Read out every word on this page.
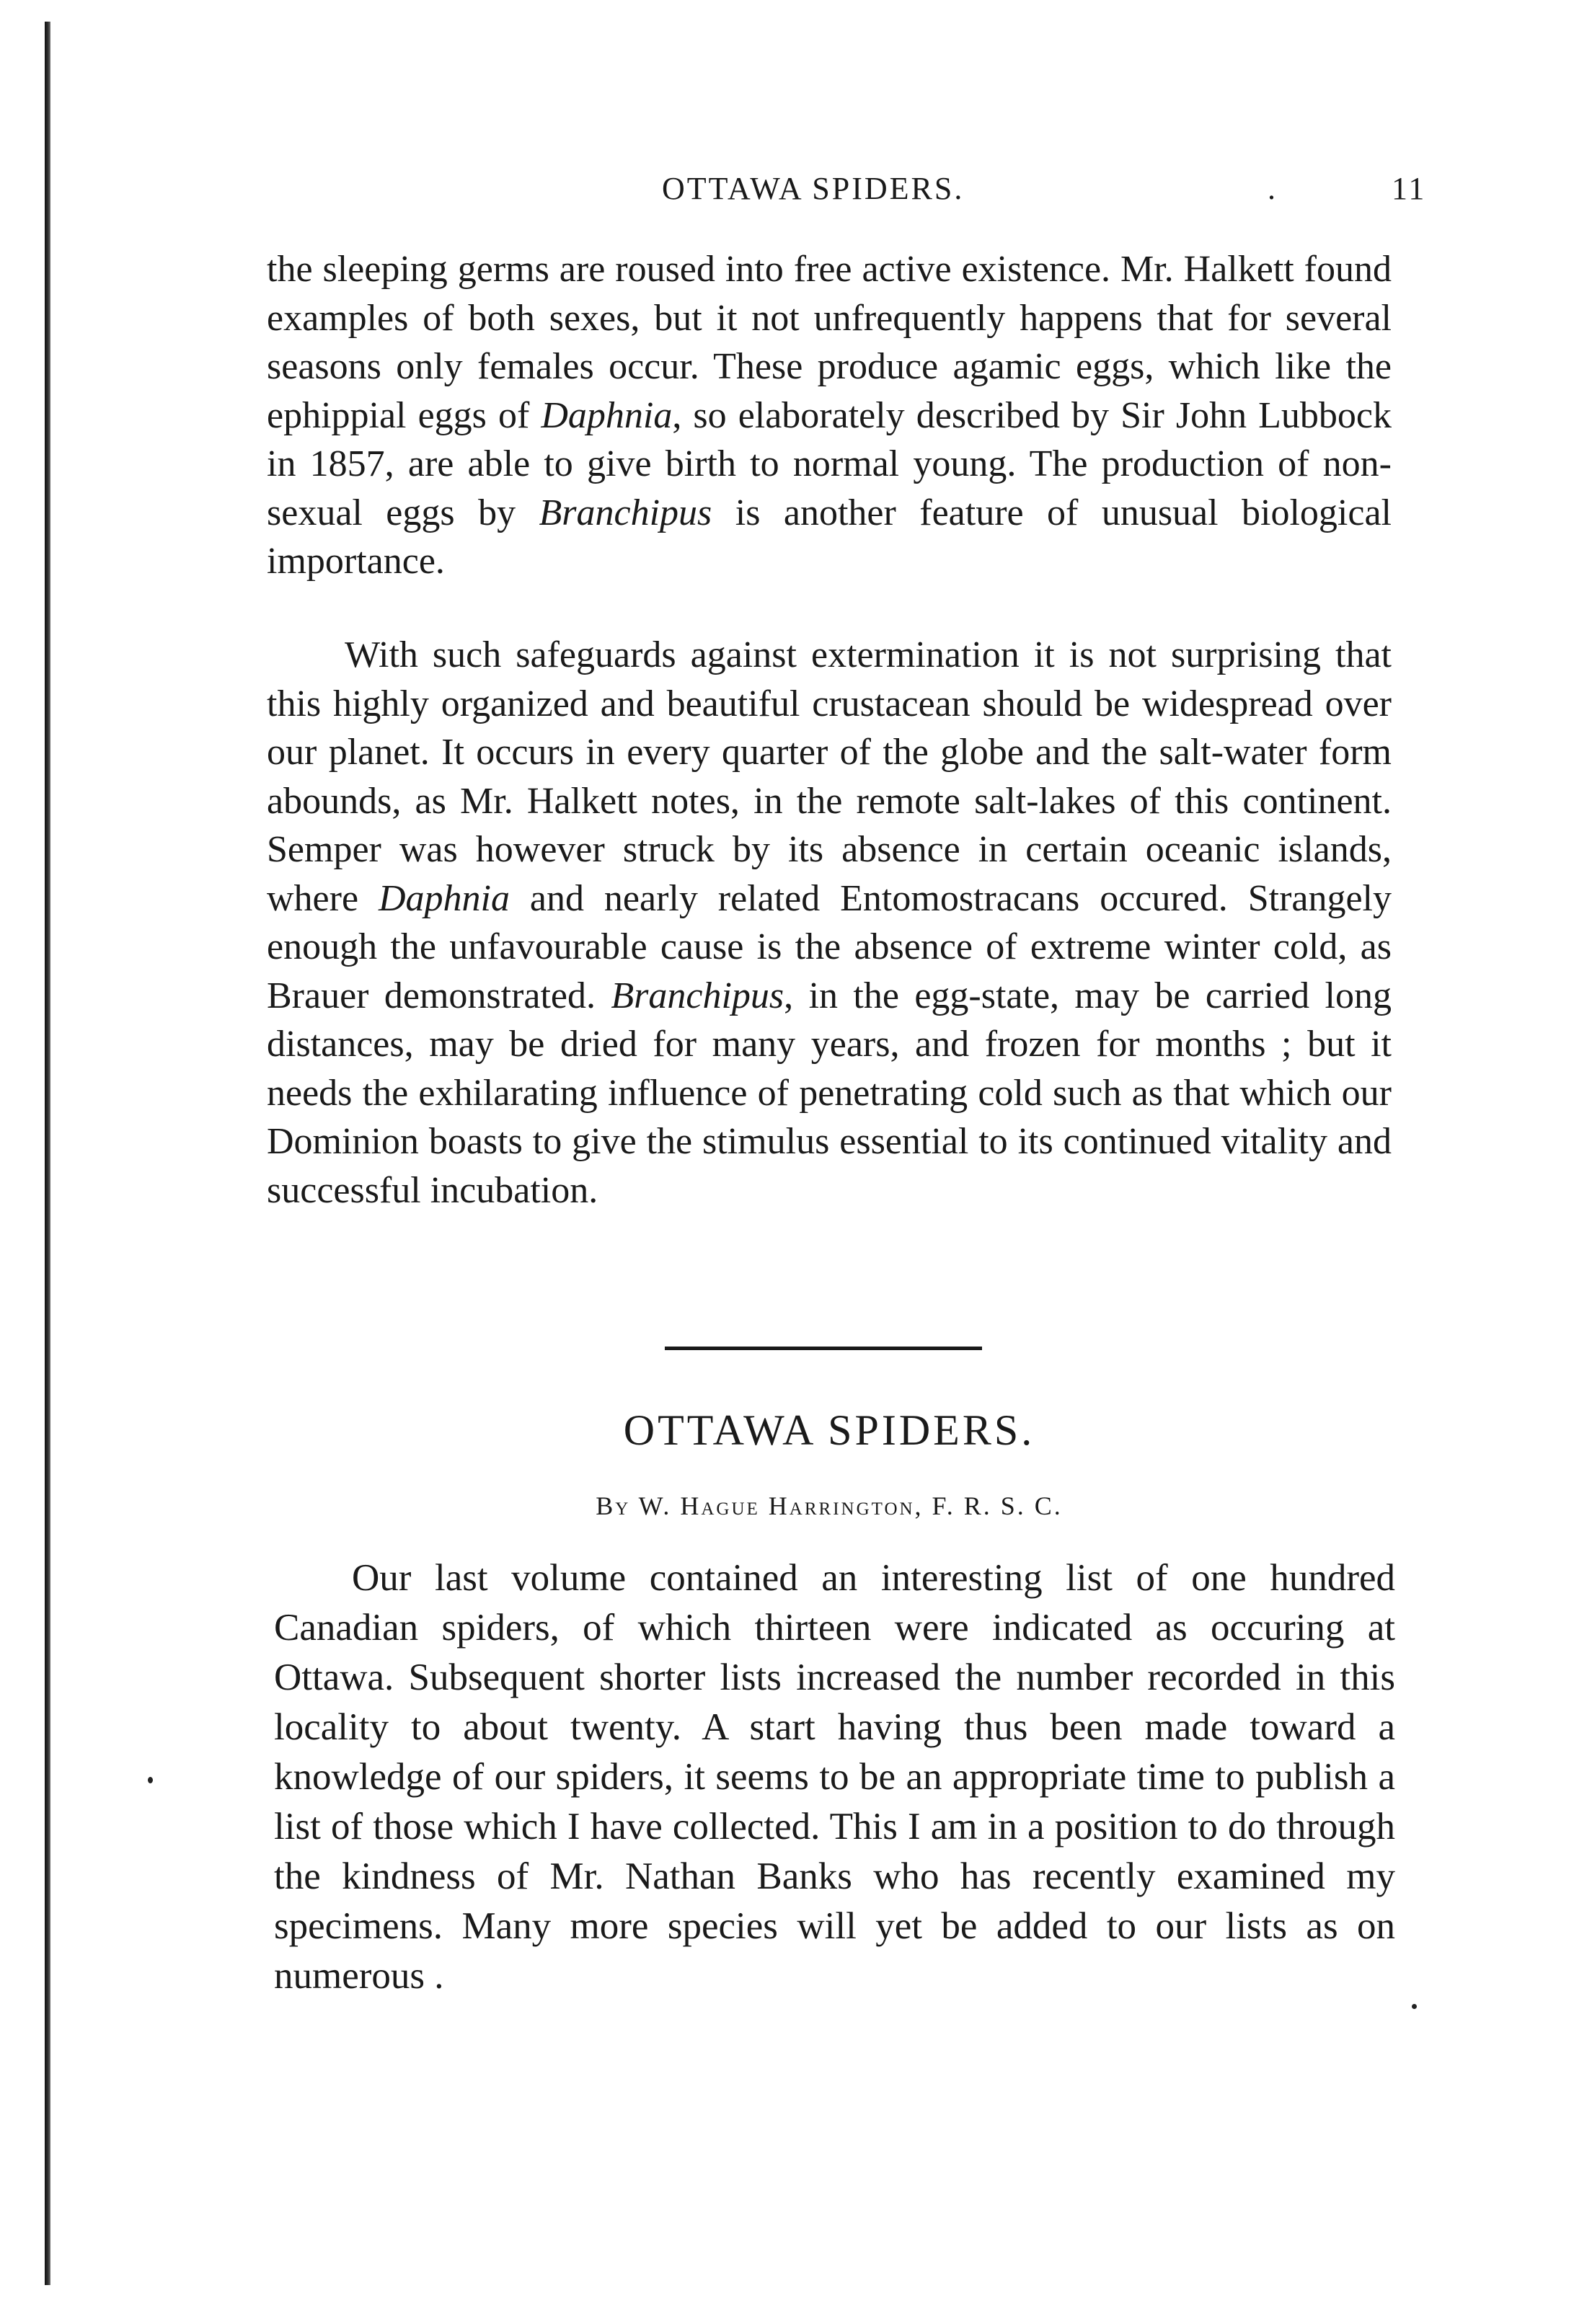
OTTAWA SPIDERS.	.	11

the sleeping germs are roused into free active existence. Mr. Halkett found examples of both sexes, but it not unfrequently happens that for several seasons only females occur. These produce agamic eggs, which like the ephippial eggs of Daphnia, so elaborately described by Sir John Lubbock in 1857, are able to give birth to normal young. The production of non-sexual eggs by Branchipus is another feature of unusual biological importance.

With such safeguards against extermination it is not surprising that this highly organized and beautiful crustacean should be widespread over our planet. It occurs in every quarter of the globe and the salt-water form abounds, as Mr. Halkett notes, in the remote salt-lakes of this continent. Semper was however struck by its absence in certain oceanic islands, where Daphnia and nearly related Entomostracans occured. Strangely enough the unfavourable cause is the absence of extreme winter cold, as Brauer demonstrated. Branchipus, in the egg-state, may be carried long distances, may be dried for many years, and frozen for months ; but it needs the exhilarating influence of penetrating cold such as that which our Dominion boasts to give the stimulus essential to its continued vitality and successful incubation.

OTTAWA SPIDERS.
By W. Hague Harrington, F. R. S. C.

Our last volume contained an interesting list of one hundred Canadian spiders, of which thirteen were indicated as occuring at Ottawa. Subsequent shorter lists increased the number recorded in this locality to about twenty. A start having thus been made toward a knowledge of our spiders, it seems to be an appropriate time to publish a list of those which I have collected. This I am in a position to do through the kindness of Mr. Nathan Banks who has recently examined my specimens. Many more species will yet be added to our lists as on numerous .
